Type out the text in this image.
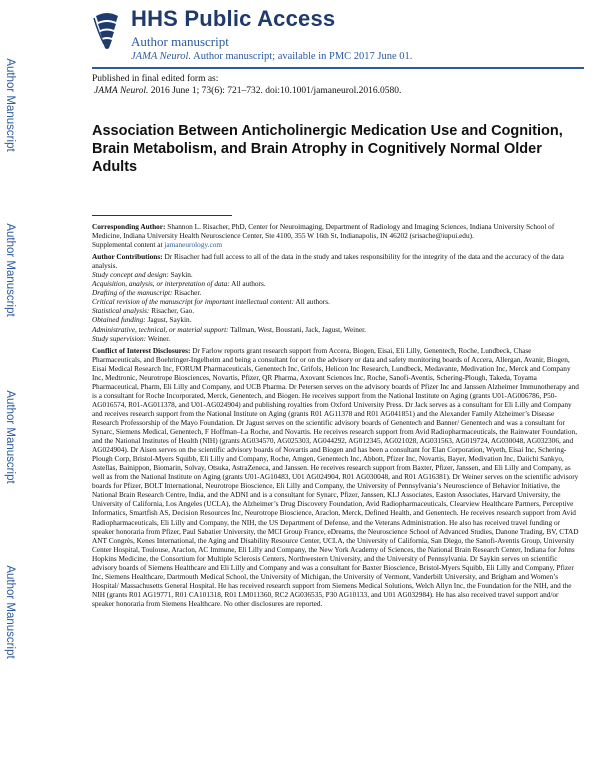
Author Manuscript
Author Manuscript
Author Manuscript
Author Manuscript
HHS Public Access
Author manuscript
JAMA Neurol. Author manuscript; available in PMC 2017 June 01.
Published in final edited form as:
JAMA Neurol. 2016 June 1; 73(6): 721–732. doi:10.1001/jamaneurol.2016.0580.
Association Between Anticholinergic Medication Use and Cognition, Brain Metabolism, and Brain Atrophy in Cognitively Normal Older Adults

Corresponding Author: Shannon L. Risacher, PhD, Center for Neuroimaging, Department of Radiology and Imaging Sciences, Indiana University School of Medicine, Indiana University Health Neuroscience Center, Ste 4100, 355 W 16th St, Indianapolis, IN 46202 (srisache@iupui.edu).

Supplemental content at jamaneurology.com

Author Contributions: Dr Risacher had full access to all of the data in the study and takes responsibility for the integrity of the data and the accuracy of the data analysis.

Study concept and design: Saykin.

Acquisition, analysis, or interpretation of data: All authors.

Drafting of the manuscript: Risacher.

Critical revision of the manuscript for important intellectual content: All authors.

Statistical analysis: Risacher, Gao.

Obtained funding: Jagust, Saykin.

Administrative, technical, or material support: Tallman, West, Boustani, Jack, Jagust, Weiner.

Study supervision: Weiner.

Conflict of Interest Disclosures: Dr Farlow reports grant research support from Accera, Biogen, Eisai, Eli Lilly, Genentech, Roche, Lundbeck, Chase Pharmaceuticals, and Boehringer-Ingelheim and being a consultant for or on the advisory or data and safety monitoring boards of Accera, Allergan, Avanir, Biogen, Eisai Medical Research Inc, FORUM Pharmaceuticals, Genentech Inc, Grifols, Helicon Inc Research, Lundbeck, Medavante, Medivation Inc, Merck and Company Inc, Medtronic, Neurotrope Biosciences, Novartis, Pfizer, QR Pharma, Axovant Sciences Inc, Roche, Sanofi-Aventis, Schering-Plough, Takeda, Toyama Pharmaceutical, Pharm, Eli Lilly and Company, and UCB Pharma. Dr Petersen serves on the advisory boards of Pfizer Inc and Janssen Alzheimer Immunotherapy and is a consultant for Roche Incorporated, Merck, Genentech, and Biogen. He receives support from the National Institute on Aging (grants U01-AG006786, P50-AG016574, R01-AG011378, and U01-AG024904) and publishing royalties from Oxford University Press. Dr Jack serves as a consultant for Eli Lilly and Company and receives research support from the National Institute on Aging (grants R01 AG11378 and R01 AG041851) and the Alexander Family Alzheimer’s Disease Research Professorship of the Mayo Foundation. Dr Jagust serves on the scientific advisory boards of Genentech and Banner/ Genentech and was a consultant for Synarc, Siemens Medical, Genentech, F Hoffman–La Roche, and Novartis. He receives research support from Avid Radiopharmaceuticals, the Rainwater Foundation, and the National Institutes of Health (NIH) (grants AG034570, AG025303, AG044292, AG012345, AG021028, AG031563, AG019724, AG030048, AG032306, and AG024904). Dr Aisen serves on the scientific advisory boards of Novartis and Biogen and has been a consultant for Elan Corporation, Wyeth, Eisai Inc, Schering-Plough Corp, Bristol-Myers Squibb, Eli Lilly and Company, Roche, Amgen, Genentech Inc, Abbott, Pfizer Inc, Novartis, Bayer, Medivation Inc, Daiichi Sankyo, Astellas, Bainippon, Biomarin, Solvay, Otsuka, AstraZeneca, and Janssen. He receives research support from Baxter, Pfizer, Janssen, and Eli Lilly and Company, as well as from the National Institute on Aging (grants U01-AG10483, U01 AG024904, R01 AG030048, and R01 AG16381). Dr Weiner serves on the scientific advisory boards for Pfizer, BOLT International, Neurotrope Bioscience, Eli Lilly and Company, the University of Pennsylvania’s Neuroscience of Behavior Initiative, the National Brain Research Centre, India, and the ADNI and is a consultant for Synarc, Pfizer, Janssen, KLJ Associates, Easton Associates, Harvard University, the University of California, Los Angeles (UCLA), the Alzheimer’s Drug Discovery Foundation, Avid Radiopharmaceuticals, Clearview Healthcare Partners, Perceptive Informatics, Smartfish AS, Decision Resources Inc, Neurotrope Bioscience, Araclon, Merck, Defined Health, and Genentech. He receives research support from Avid Radiopharmaceuticals, Eli Lilly and Company, the NIH, the US Department of Defense, and the Veterans Administration. He also has received travel funding or speaker honoraria from Pfizer, Paul Sabatier University, the MCI Group France, eDreams, the Neuroscience School of Advanced Studies, Danone Trading, BV, CTAD ANT Congrès, Kenes International, the Aging and Disability Resource Center, UCLA, the University of California, San Diego, the Sanofi-Aventis Group, University Center Hospital, Toulouse, Araclon, AC Immune, Eli Lilly and Company, the New York Academy of Sciences, the National Brain Research Center, Indiana for Johns Hopkins Medicine, the Consortium for Multiple Sclerosis Centers, Northwestern University, and the University of Pennsylvania. Dr Saykin serves on scientific advisory boards of Siemens Healthcare and Eli Lilly and Company and was a consultant for Baxter Bioscience, Bristol-Myers Squibb, Eli Lilly and Company, Pfizer Inc, Siemens Healthcare, Dartmouth Medical School, the University of Michigan, the University of Vermont, Vanderbilt University, and Brigham and Women’s Hospital/ Massachusetts General Hospital. He has received research support from Siemens Medical Solutions, Welch Allyn Inc, the Foundation for the NIH, and the NIH (grants R01 AG19771, R01 CA101318, R01 LM011360, RC2 AG036535, P30 AG10133, and U01 AG032984). He has also received travel support and/or speaker honoraria from Siemens Healthcare. No other disclosures are reported.
